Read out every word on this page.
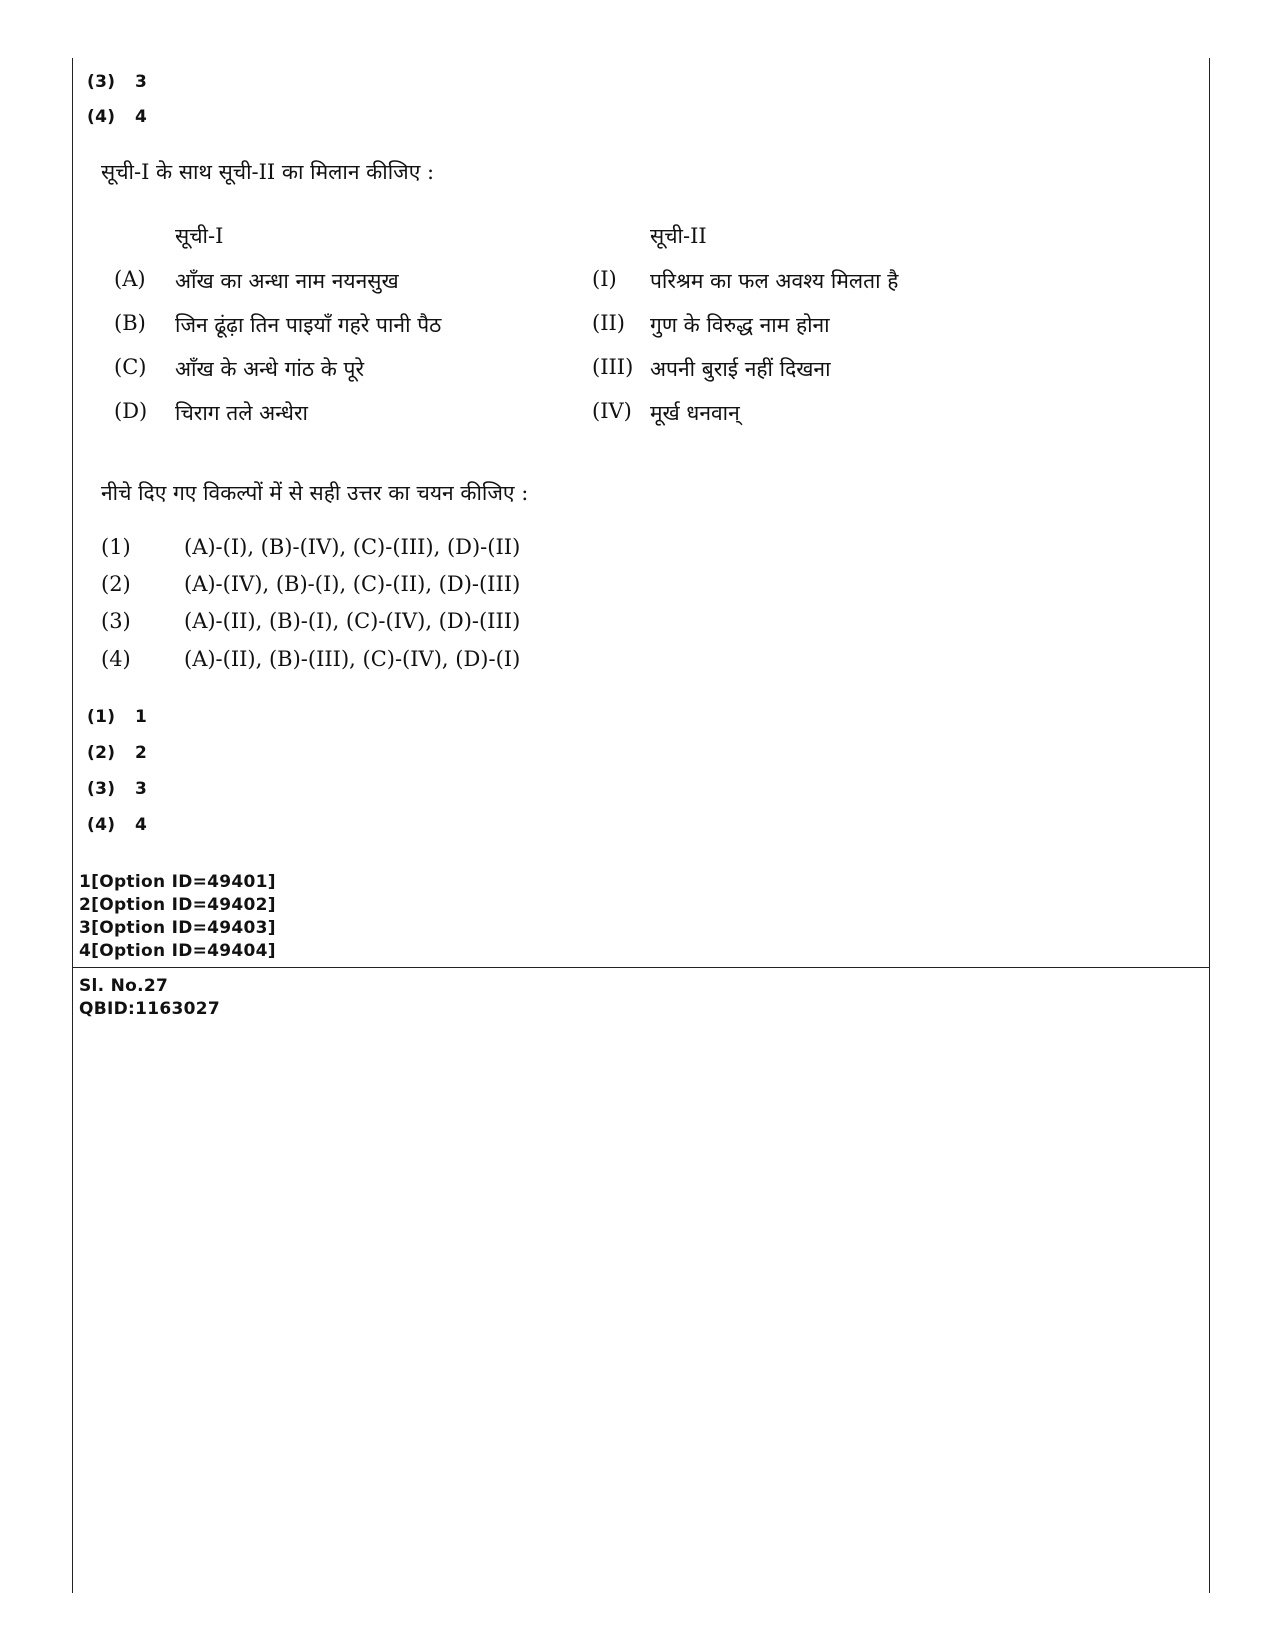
(3) 3
(4) 4
सूची-I के साथ सूची-II का मिलान कीजिए :
सूची-I	सूची-II
(A) आँख का अन्धा नाम नयनसुख	(I) परिश्रम का फल अवश्य मिलता है
(B) जिन ढूंढ़ा तिन पाइयाँ गहरे पानी पैठ	(II) गुण के विरुद्ध नाम होना
(C) आँख के अन्धे गांठ के पूरे	(III) अपनी बुराई नहीं दिखना
(D) चिराग तले अन्धेरा	(IV) मूर्ख धनवान्
नीचे दिए गए विकल्पों में से सही उत्तर का चयन कीजिए :
(1)	(A)-(I), (B)-(IV), (C)-(III), (D)-(II)
(2)	(A)-(IV), (B)-(I), (C)-(II), (D)-(III)
(3)	(A)-(II), (B)-(I), (C)-(IV), (D)-(III)
(4)	(A)-(II), (B)-(III), (C)-(IV), (D)-(I)
(1) 1
(2) 2
(3) 3
(4) 4
1[Option ID=49401]
2[Option ID=49402]
3[Option ID=49403]
4[Option ID=49404]
Sl. No.27
QBID:1163027
